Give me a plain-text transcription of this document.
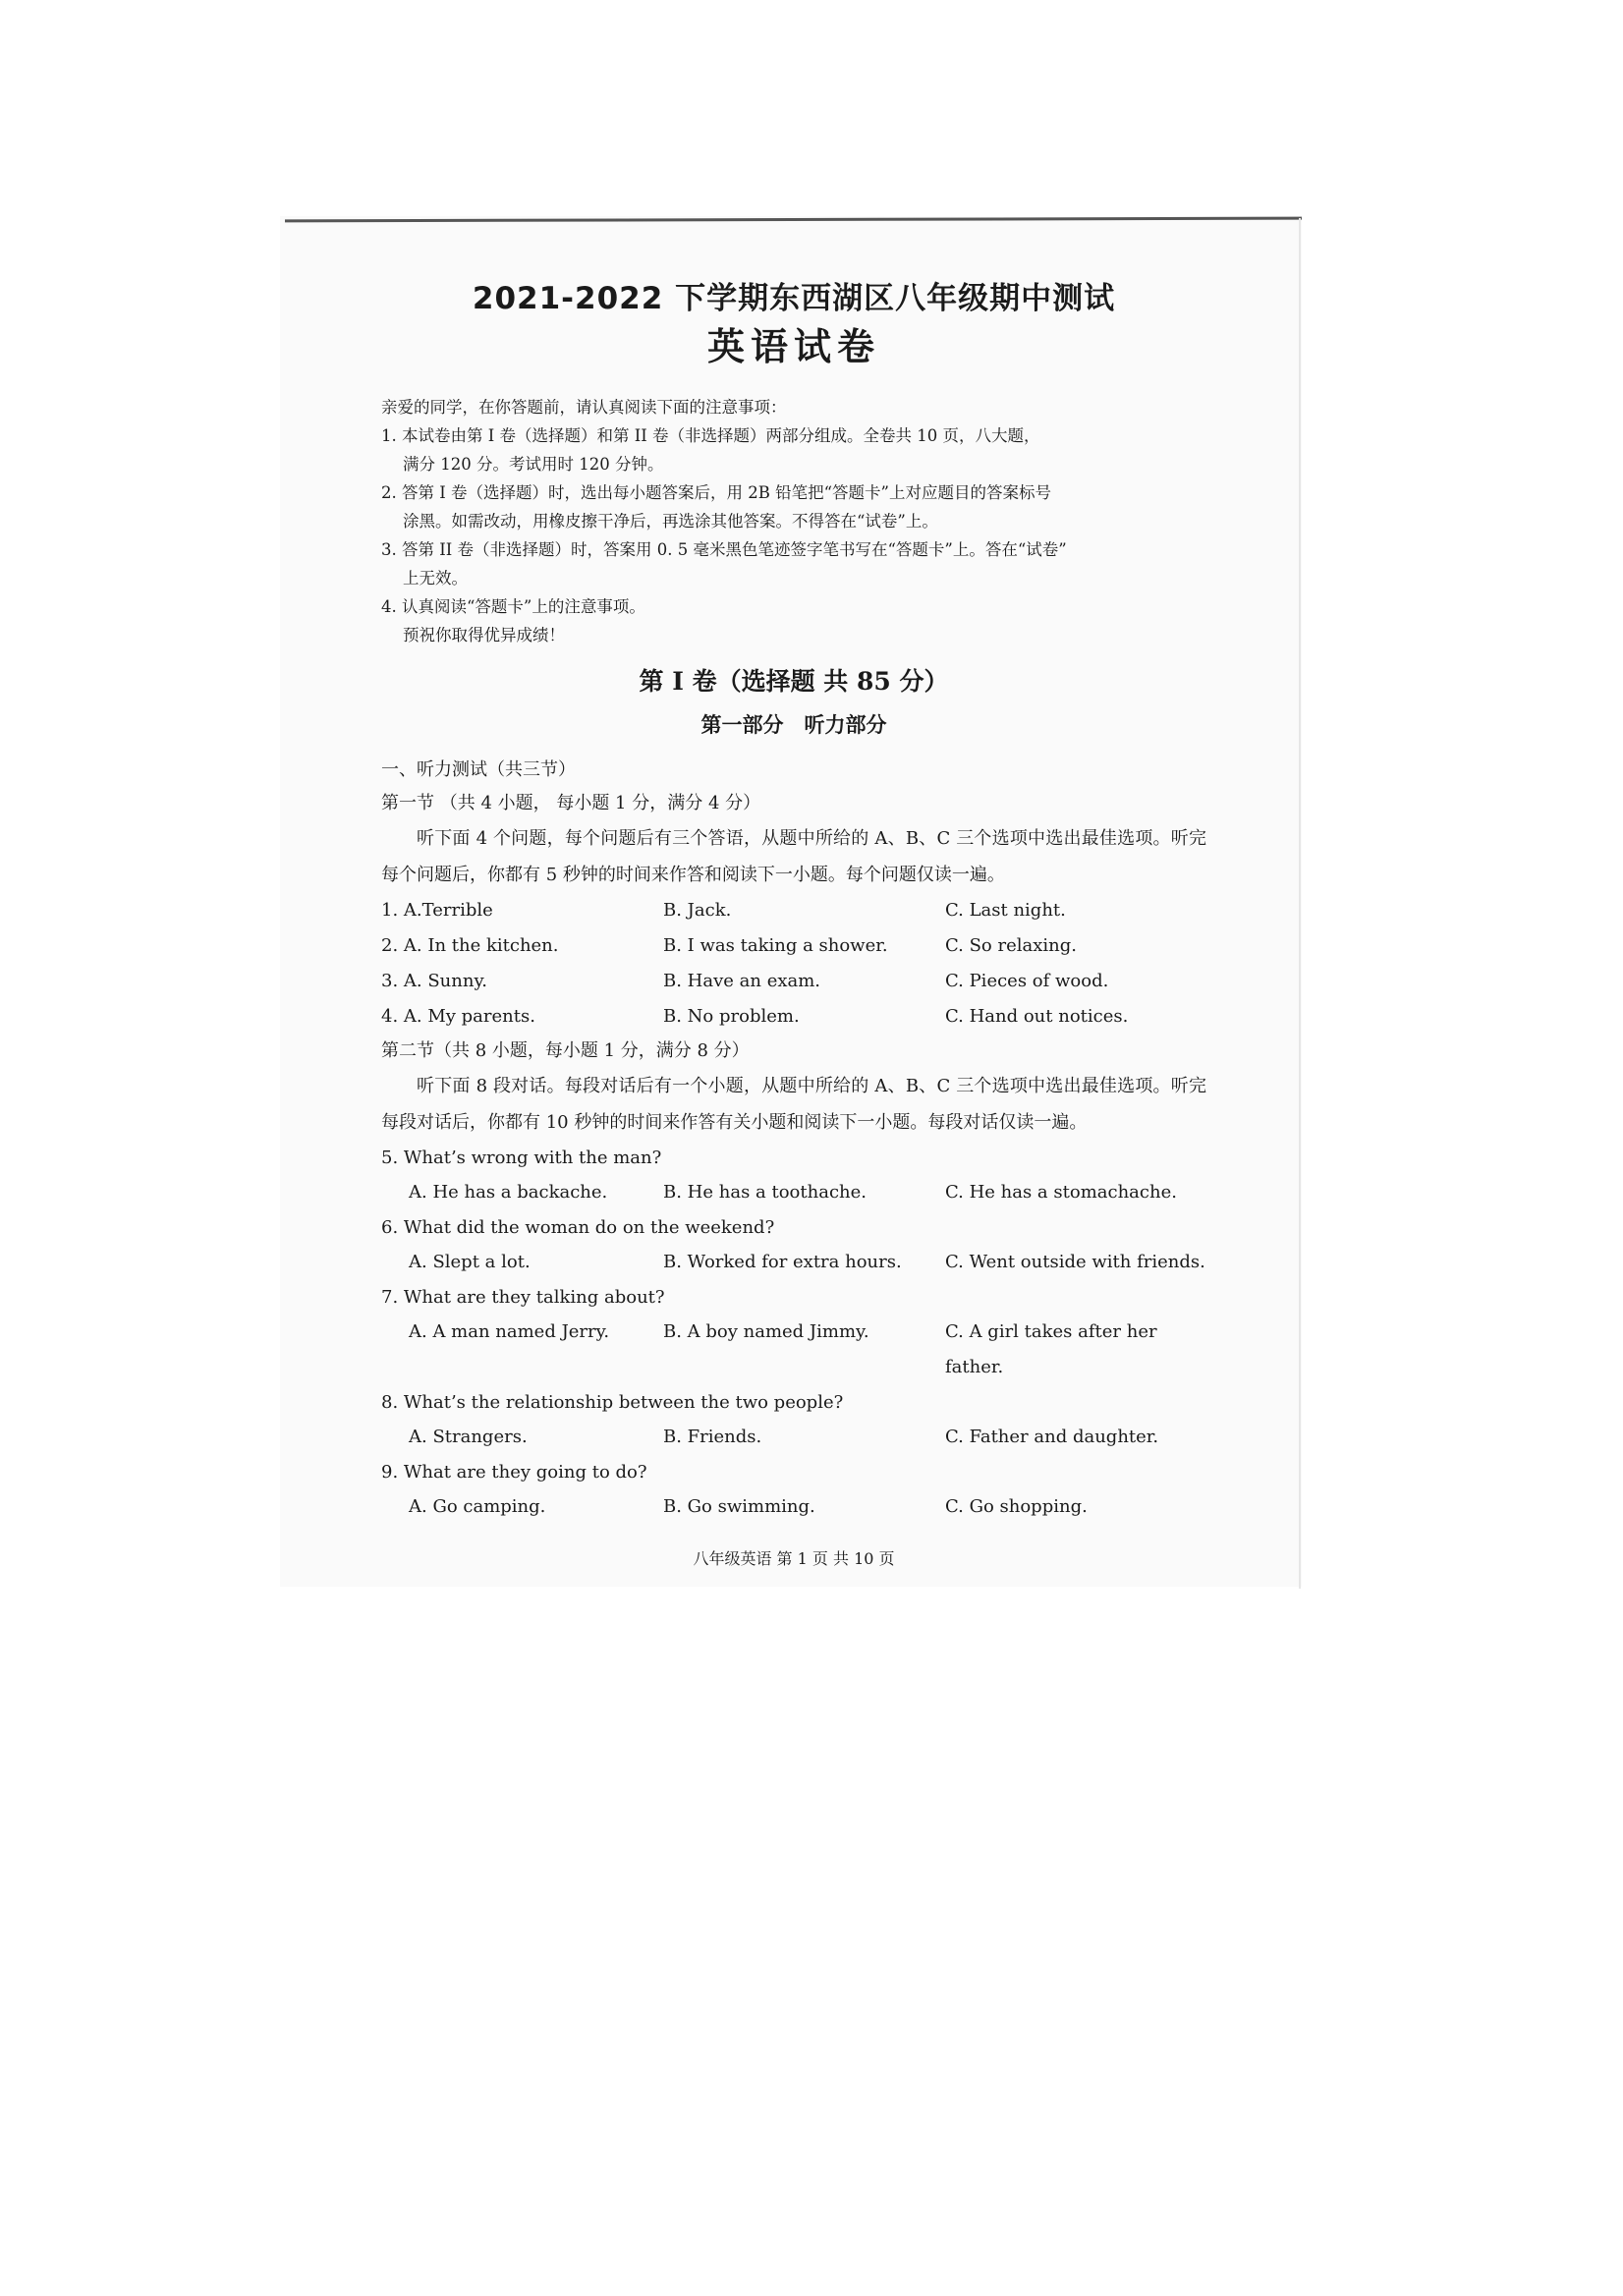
2021-2022 下学期东西湖区八年级期中测试
英语试卷

亲爱的同学，在你答题前，请认真阅读下面的注意事项：

1. 本试卷由第 I 卷（选择题）和第 II 卷（非选择题）两部分组成。全卷共 10 页，八大题，

满分 120 分。考试用时 120 分钟。

2. 答第 I 卷（选择题）时，选出每小题答案后，用 2B 铅笔把“答题卡”上对应题目的答案标号

涂黑。如需改动，用橡皮擦干净后，再选涂其他答案。不得答在“试卷”上。

3. 答第 II 卷（非选择题）时，答案用 0. 5 毫米黑色笔迹签字笔书写在“答题卡”上。答在“试卷”

上无效。

4. 认真阅读“答题卡”上的注意事项。

预祝你取得优异成绩！

第 I 卷（选择题 共 85 分）
第一部分　听力部分

一、听力测试（共三节）

第一节 （共 4 小题， 每小题 1 分，满分 4 分）

听下面 4 个问题，每个问题后有三个答语，从题中所给的 A、B、C 三个选项中选出最佳选项。听完每个问题后，你都有 5 秒钟的时间来作答和阅读下一小题。每个问题仅读一遍。

1. A.Terrible	B. Jack.	C. Last night.
2. A. In the kitchen.	B. I was taking a shower.	C. So relaxing.
3. A. Sunny.	B. Have an exam.	C. Pieces of wood.
4. A. My parents.	B. No problem.	C. Hand out notices.

第二节（共 8 小题，每小题 1 分，满分 8 分）

听下面 8 段对话。每段对话后有一个小题，从题中所给的 A、B、C 三个选项中选出最佳选项。听完每段对话后，你都有 10 秒钟的时间来作答有关小题和阅读下一小题。每段对话仅读一遍。

5. What’s wrong with the man?

A. He has a backache.	B. He has a toothache.	C. He has a stomachache.

6. What did the woman do on the weekend?

A. Slept a lot.	B. Worked for extra hours.	C. Went outside with friends.

7. What are they talking about?

A. A man named Jerry.	B. A boy named Jimmy.	C. A girl takes after her father.

8. What’s the relationship between the two people?

A. Strangers.	B. Friends.	C. Father and daughter.

9. What are they going to do?

A. Go camping.	B. Go swimming.	C. Go shopping.
八年级英语 第 1 页 共 10 页
